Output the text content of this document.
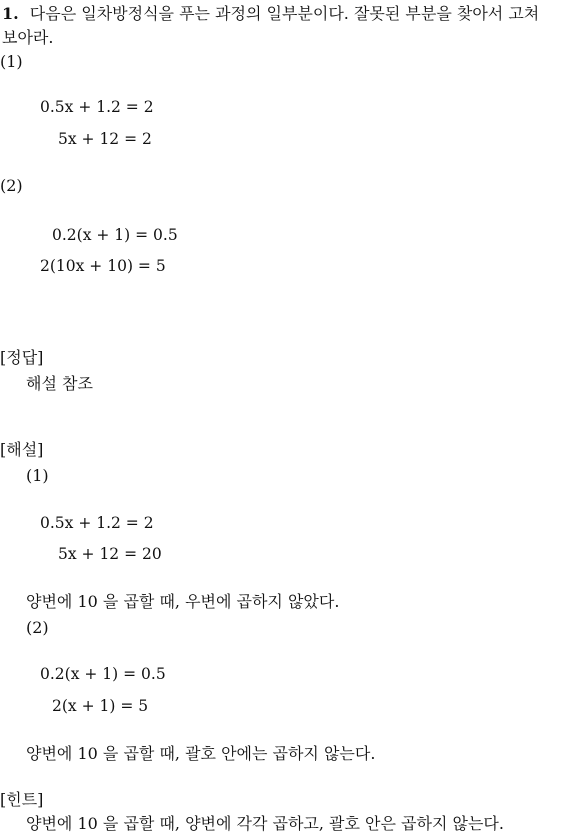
1. 다음은 일차방정식을 푸는 과정의 일부분이다. 잘못된 부분을 찾아서 고쳐
보아라.
(1)
0.5x + 1.2 = 2
5x + 12 = 2
(2)
0.2(x + 1) = 0.5
2(10x + 10) = 5
[정답]
해설 참조
[해설]
(1)
0.5x + 1.2 = 2
5x + 12 = 20
양변에 10 을 곱할 때, 우변에 곱하지 않았다.
(2)
0.2(x + 1) = 0.5
2(x + 1) = 5
양변에 10 을 곱할 때, 괄호 안에는 곱하지 않는다.
[힌트]
양변에 10 을 곱할 때, 양변에 각각 곱하고, 괄호 안은 곱하지 않는다.
